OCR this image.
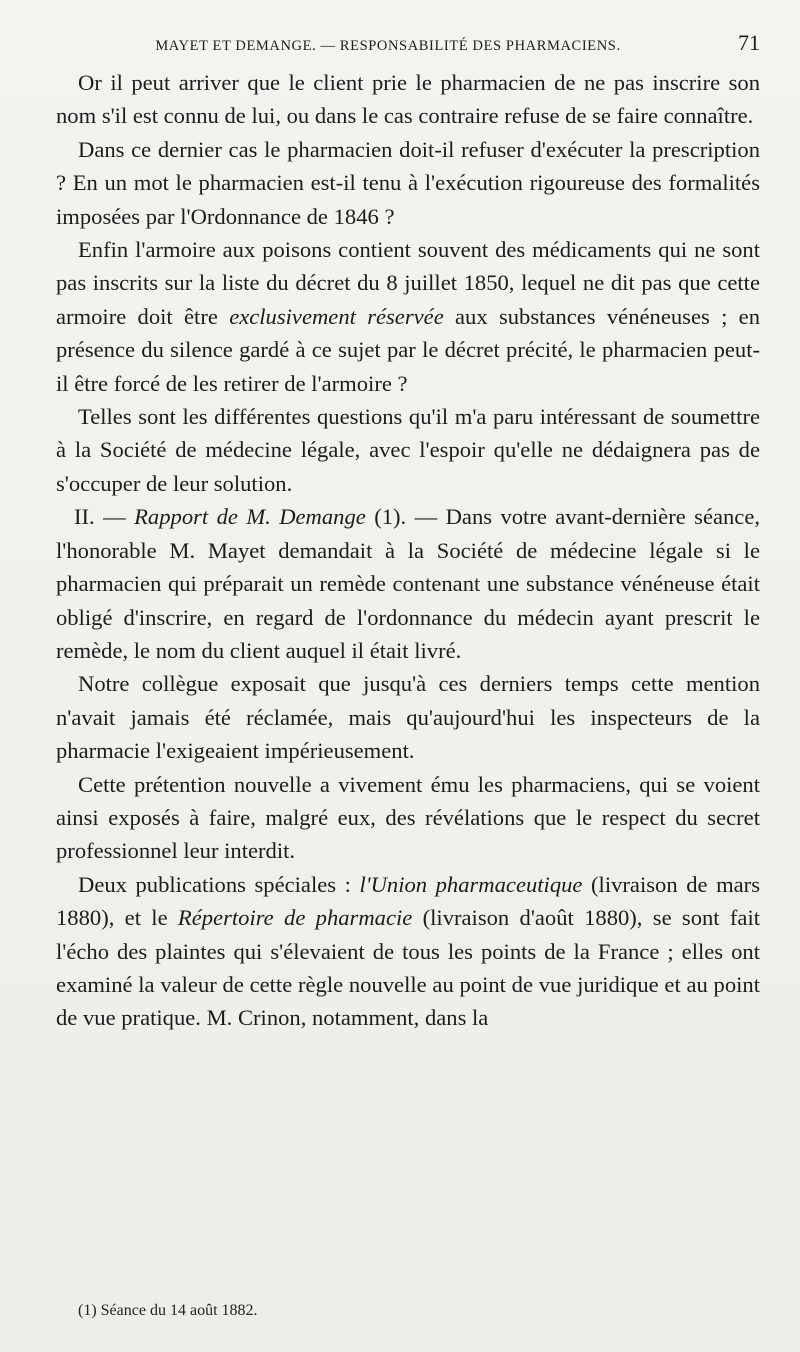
MAYET ET DEMANGE. — RESPONSABILITÉ DES PHARMACIENS.	71

Or il peut arriver que le client prie le pharmacien de ne pas inscrire son nom s'il est connu de lui, ou dans le cas contraire refuse de se faire connaître.

Dans ce dernier cas le pharmacien doit-il refuser d'exécuter la prescription ? En un mot le pharmacien est-il tenu à l'exécution rigoureuse des formalités imposées par l'Ordonnance de 1846 ?

Enfin l'armoire aux poisons contient souvent des médicaments qui ne sont pas inscrits sur la liste du décret du 8 juillet 1850, lequel ne dit pas que cette armoire doit être exclusivement réservée aux substances vénéneuses ; en présence du silence gardé à ce sujet par le décret précité, le pharmacien peut-il être forcé de les retirer de l'armoire ?

Telles sont les différentes questions qu'il m'a paru intéressant de soumettre à la Société de médecine légale, avec l'espoir qu'elle ne dédaignera pas de s'occuper de leur solution.

II. — Rapport de M. Demange (1). — Dans votre avant-dernière séance, l'honorable M. Mayet demandait à la Société de médecine légale si le pharmacien qui préparait un remède contenant une substance vénéneuse était obligé d'inscrire, en regard de l'ordonnance du médecin ayant prescrit le remède, le nom du client auquel il était livré.

Notre collègue exposait que jusqu'à ces derniers temps cette mention n'avait jamais été réclamée, mais qu'aujourd'hui les inspecteurs de la pharmacie l'exigeaient impérieusement.

Cette prétention nouvelle a vivement ému les pharmaciens, qui se voient ainsi exposés à faire, malgré eux, des révélations que le respect du secret professionnel leur interdit.

Deux publications spéciales : l'Union pharmaceutique (livraison de mars 1880), et le Répertoire de pharmacie (livraison d'août 1880), se sont fait l'écho des plaintes qui s'élevaient de tous les points de la France ; elles ont examiné la valeur de cette règle nouvelle au point de vue juridique et au point de vue pratique. M. Crinon, notamment, dans la

(1) Séance du 14 août 1882.
